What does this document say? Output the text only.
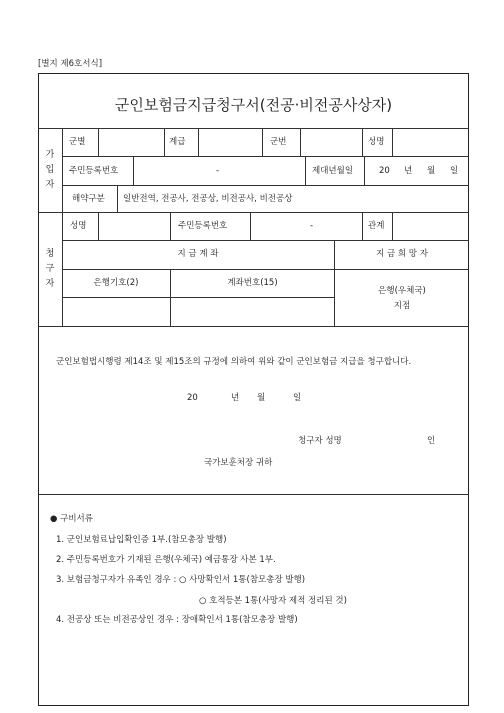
[별지 제6호서식]
군인보험금지급청구서(전공·비전공사상자)
가
입
자
군별	계급	군번	성명
주민등록번호	-	제대년월일	20 년 월 일
해약구분 일반전역, 전공사, 전공상, 비전공사, 비전공상
청
구
자
성명	주민등록번호	-	관계
지 금 계 좌	지 금 희 망 자
은행기호(2)	계좌번호(15)
은행(우체국)
지점
군인보험법시행령 제14조 및 제15조의 규정에 의하여 위와 같이 군인보험금 지급을 청구합니다.
20	년 월	일
청구자 성명	인
국가보훈처장 귀하
● 구비서류
1. 군인보험료납입확인증 1부.(참모총장 발행)
2. 주민등록번호가 기재된 은행(우체국) 예금통장 사본 1부.
3. 보험금청구자가 유족인 경우 : ○ 사망확인서 1통(참모총장 발행)
○ 호적등본 1통(사망자 제적 정리된 것)
4. 전공상 또는 비전공상인 경우 : 장애확인서 1통(참모총장 발행)
